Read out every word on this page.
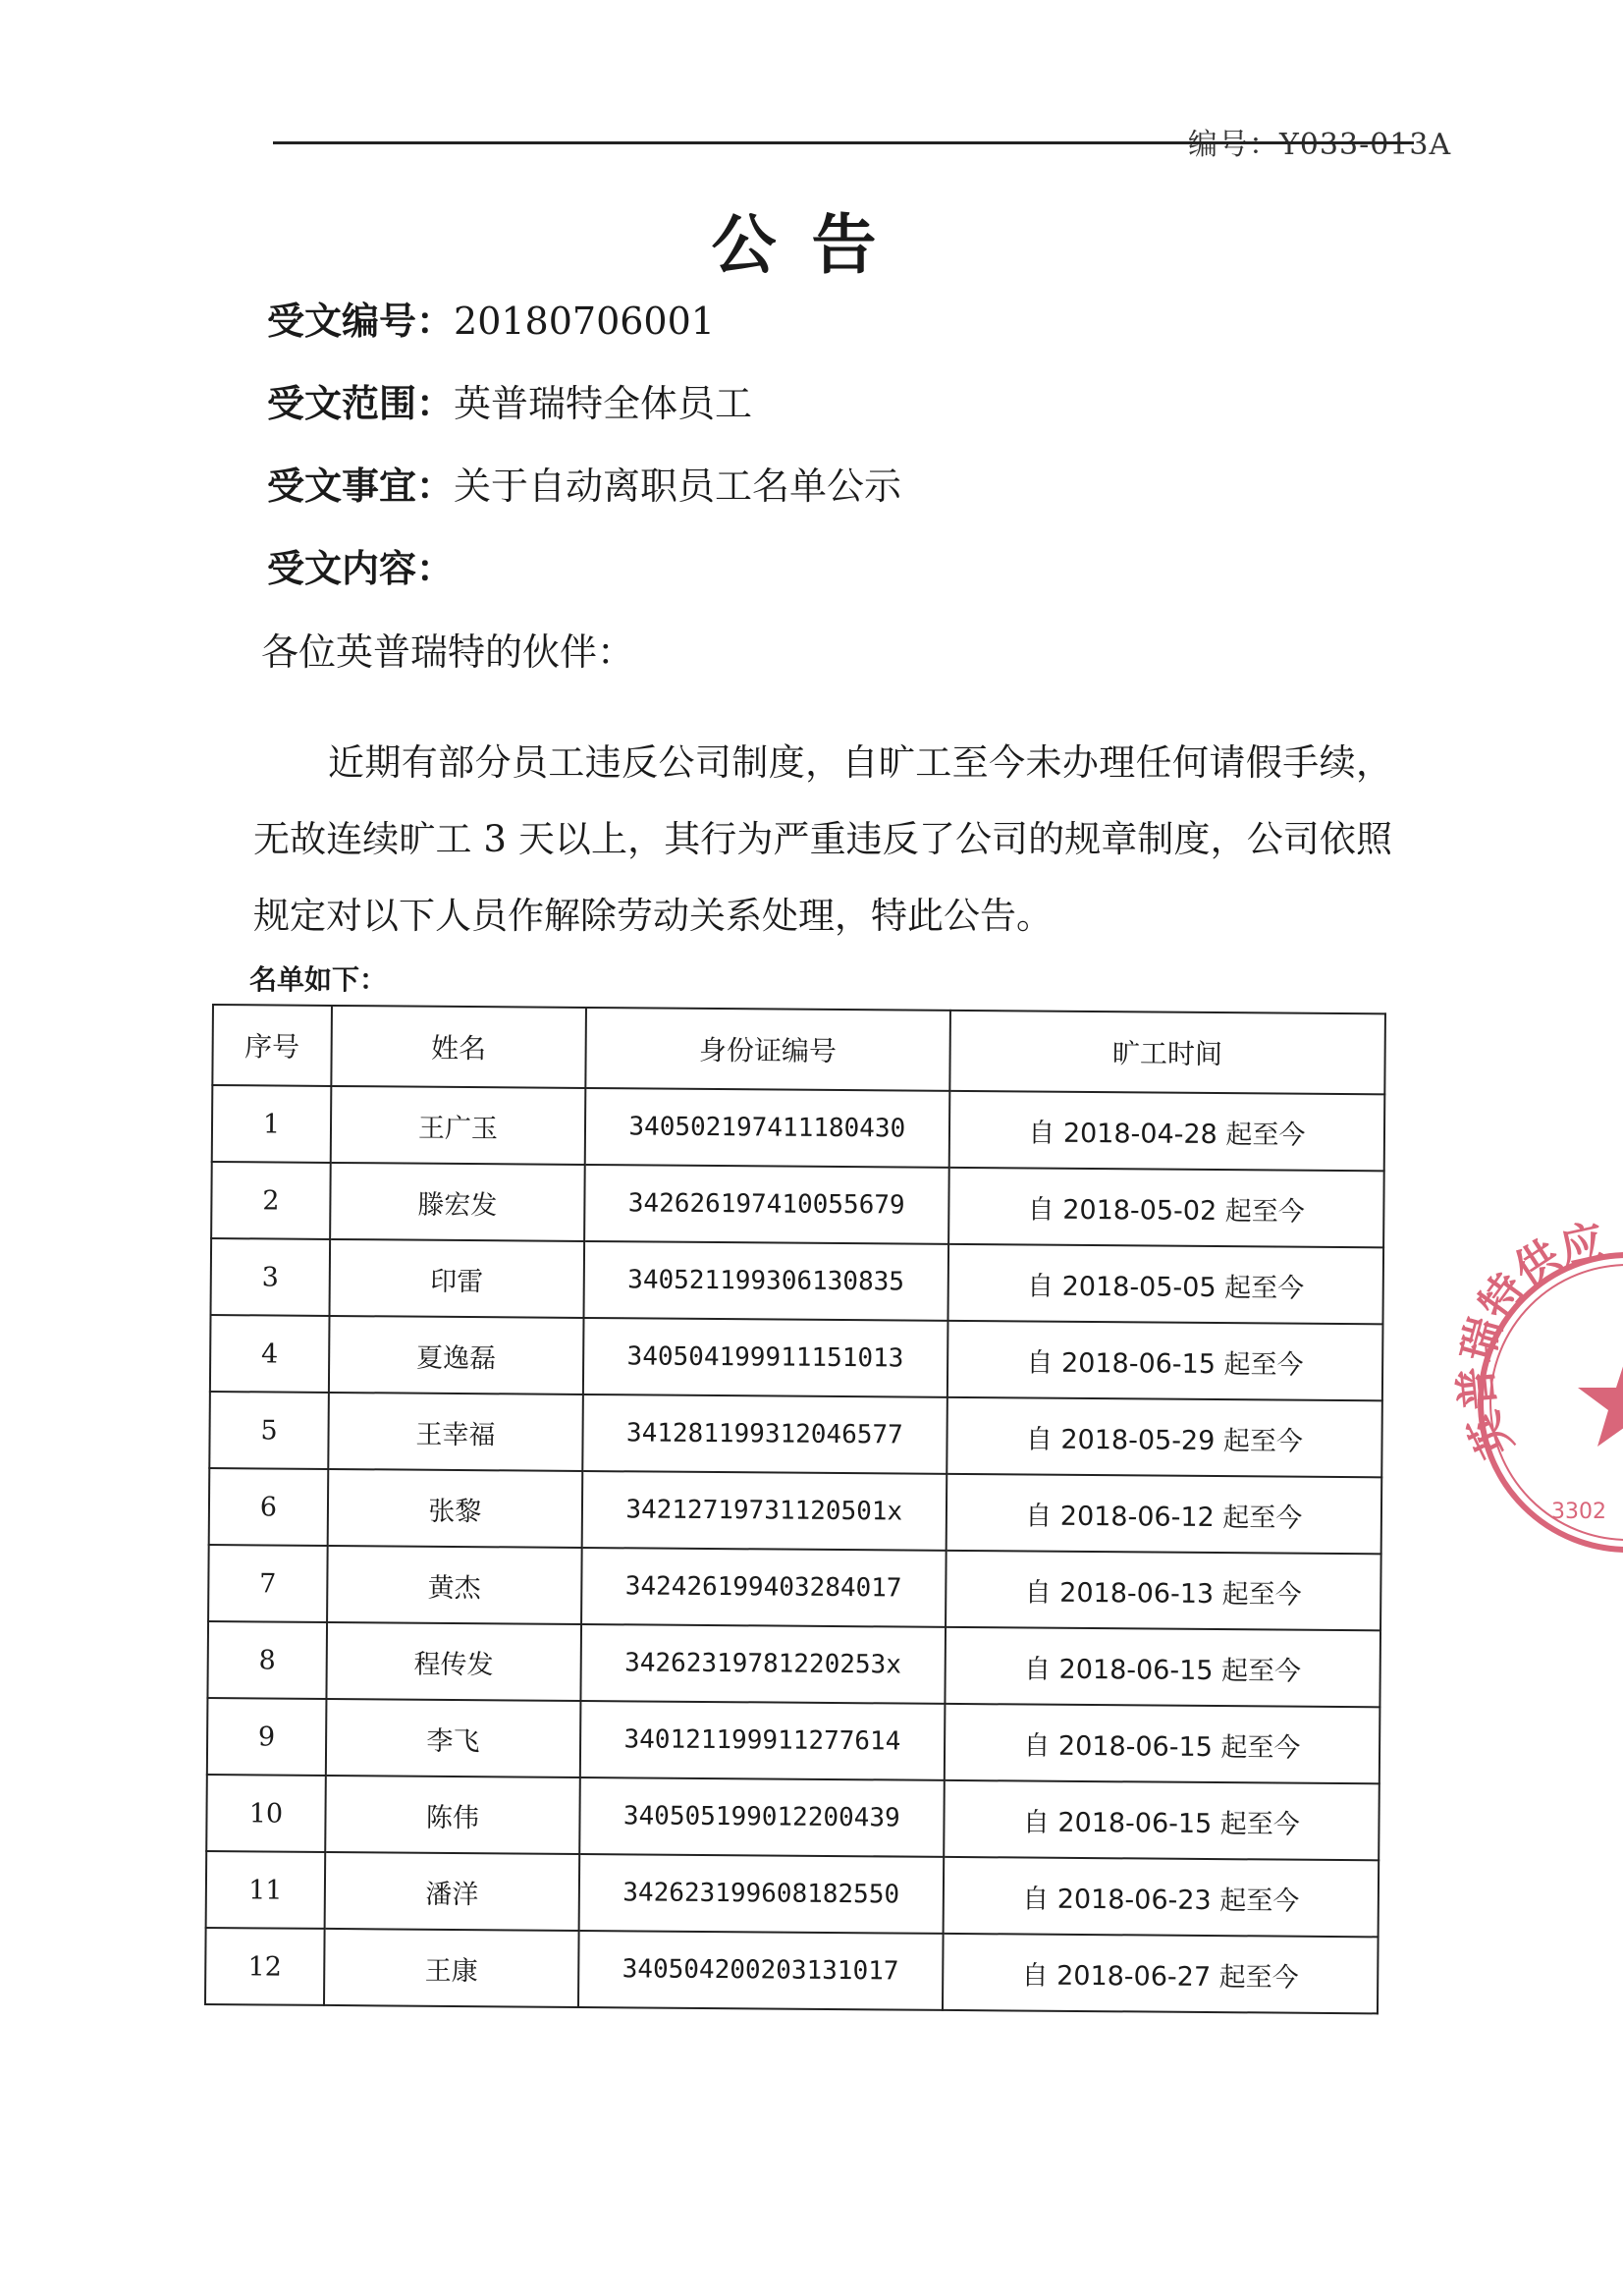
编号：Y033-013A
公告
受文编号：20180706001
受文范围：英普瑞特全体员工
受文事宜：关于自动离职员工名单公示
受文内容：
各位英普瑞特的伙伴：
近期有部分员工违反公司制度，自旷工至今未办理任何请假手续，无故连续旷工 3 天以上，其行为严重违反了公司的规章制度，公司依照规定对以下人员作解除劳动关系处理，特此公告。
名单如下：
序号	姓名	身份证编号	旷工时间
1	王广玉	340502197411180430	自 2018-04-28 起至今
2	滕宏发	342626197410055679	自 2018-05-02 起至今
3	印雷	340521199306130835	自 2018-05-05 起至今
4	夏逸磊	340504199911151013	自 2018-06-15 起至今
5	王幸福	341281199312046577	自 2018-05-29 起至今
6	张黎	34212719731120501x	自 2018-06-12 起至今
7	黄杰	342426199403284017	自 2018-06-13 起至今
8	程传发	34262319781220253x	自 2018-06-15 起至今
9	李飞	340121199911277614	自 2018-06-15 起至今
10	陈伟	340505199012200439	自 2018-06-15 起至今
11	潘洋	342623199608182550	自 2018-06-23 起至今
12	王康	340504200203131017	自 2018-06-27 起至今
英普瑞特供应
3302
